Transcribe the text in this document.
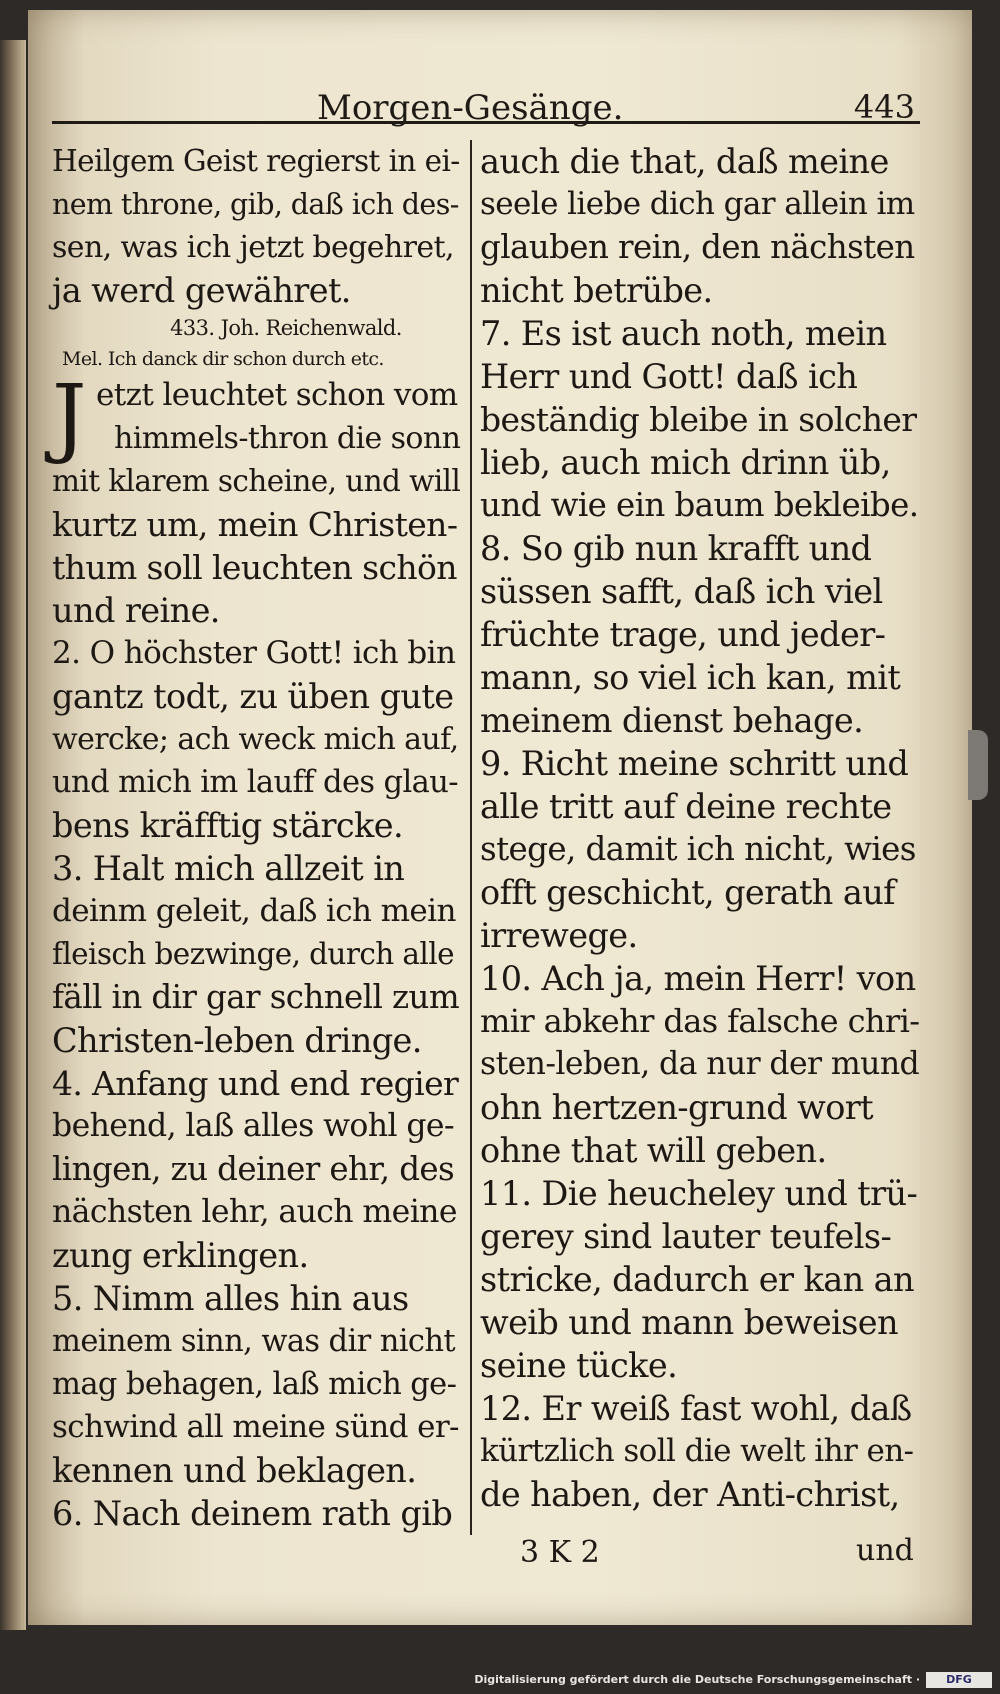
Morgen-Gesänge.	443
Heilgem Geist regierst in ei-
nem throne, gib, daß ich des-
sen, was ich jetzt begehret,
ja werd gewähret.
433. Joh. Reichenwald.
Mel. Ich danck dir schon durch etc.
J etzt leuchtet schon vom
himmels-thron die sonn
mit klarem scheine, und will
kurtz um, mein Christen-
thum soll leuchten schön
und reine.
2. O höchster Gott! ich bin
gantz todt, zu üben gute
wercke; ach weck mich auf,
und mich im lauff des glau-
bens kräfftig stärcke.
3. Halt mich allzeit in
deinm geleit, daß ich mein
fleisch bezwinge, durch alle
fäll in dir gar schnell zum
Christen-leben dringe.
4. Anfang und end regier
behend, laß alles wohl ge-
lingen, zu deiner ehr, des
nächsten lehr, auch meine
zung erklingen.
5. Nimm alles hin aus
meinem sinn, was dir nicht
mag behagen, laß mich ge-
schwind all meine sünd er-
kennen und beklagen.
6. Nach deinem rath gib
auch die that, daß meine
seele liebe dich gar allein im
glauben rein, den nächsten
nicht betrübe.
7. Es ist auch noth, mein
Herr und Gott! daß ich
beständig bleibe in solcher
lieb, auch mich drinn üb,
und wie ein baum bekleibe.
8. So gib nun krafft und
süssen safft, daß ich viel
früchte trage, und jeder-
mann, so viel ich kan, mit
meinem dienst behage.
9. Richt meine schritt und
alle tritt auf deine rechte
stege, damit ich nicht, wies
offt geschicht, gerath auf
irrewege.
10. Ach ja, mein Herr! von
mir abkehr das falsche chri-
sten-leben, da nur der mund
ohn hertzen-grund wort
ohne that will geben.
11. Die heucheley und trü-
gerey sind lauter teufels-
stricke, dadurch er kan an
weib und mann beweisen
seine tücke.
12. Er weiß fast wohl, daß
kürtzlich soll die welt ihr en-
de haben, der Anti-christ,
3 K 2	und
Digitalisierung gefördert durch die Deutsche Forschungsgemeinschaft ·	DFG
